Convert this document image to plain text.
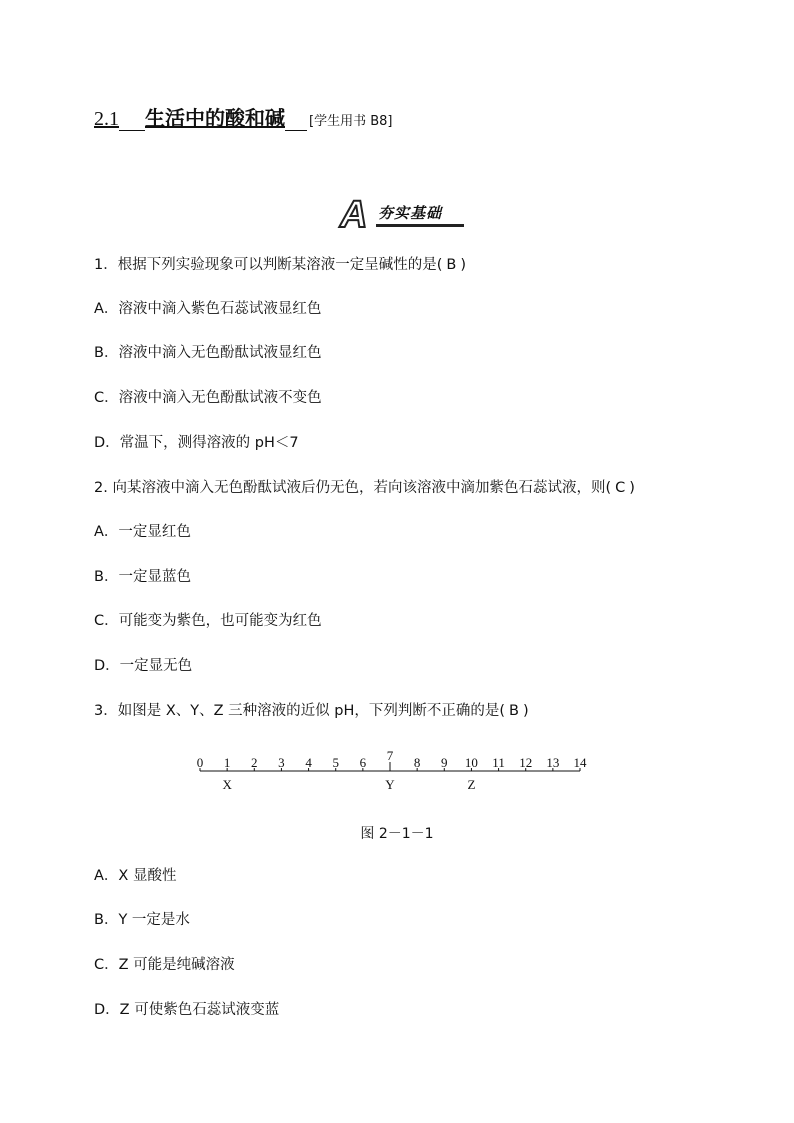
2.1 生活中的酸和碱 [学生用书 B8]
A 夯实基础
1．根据下列实验现象可以判断某溶液一定呈碱性的是( B )
A．溶液中滴入紫色石蕊试液显红色
B．溶液中滴入无色酚酞试液显红色
C．溶液中滴入无色酚酞试液不变色
D．常温下，测得溶液的 pH＜7
2. 向某溶液中滴入无色酚酞试液后仍无色，若向该溶液中滴加紫色石蕊试液，则( C )
A．一定显红色
B．一定显蓝色
C．可能变为紫色，也可能变为红色
D．一定显无色
3．如图是 X、Y、Z 三种溶液的近似 pH，下列判断不正确的是( B )
0 1 2 3 4 5 6 7 8 9 10 11 12 13 14
X	Y	Z
图 2－1－1
A．X 显酸性
B．Y 一定是水
C．Z 可能是纯碱溶液
D．Z 可使紫色石蕊试液变蓝
